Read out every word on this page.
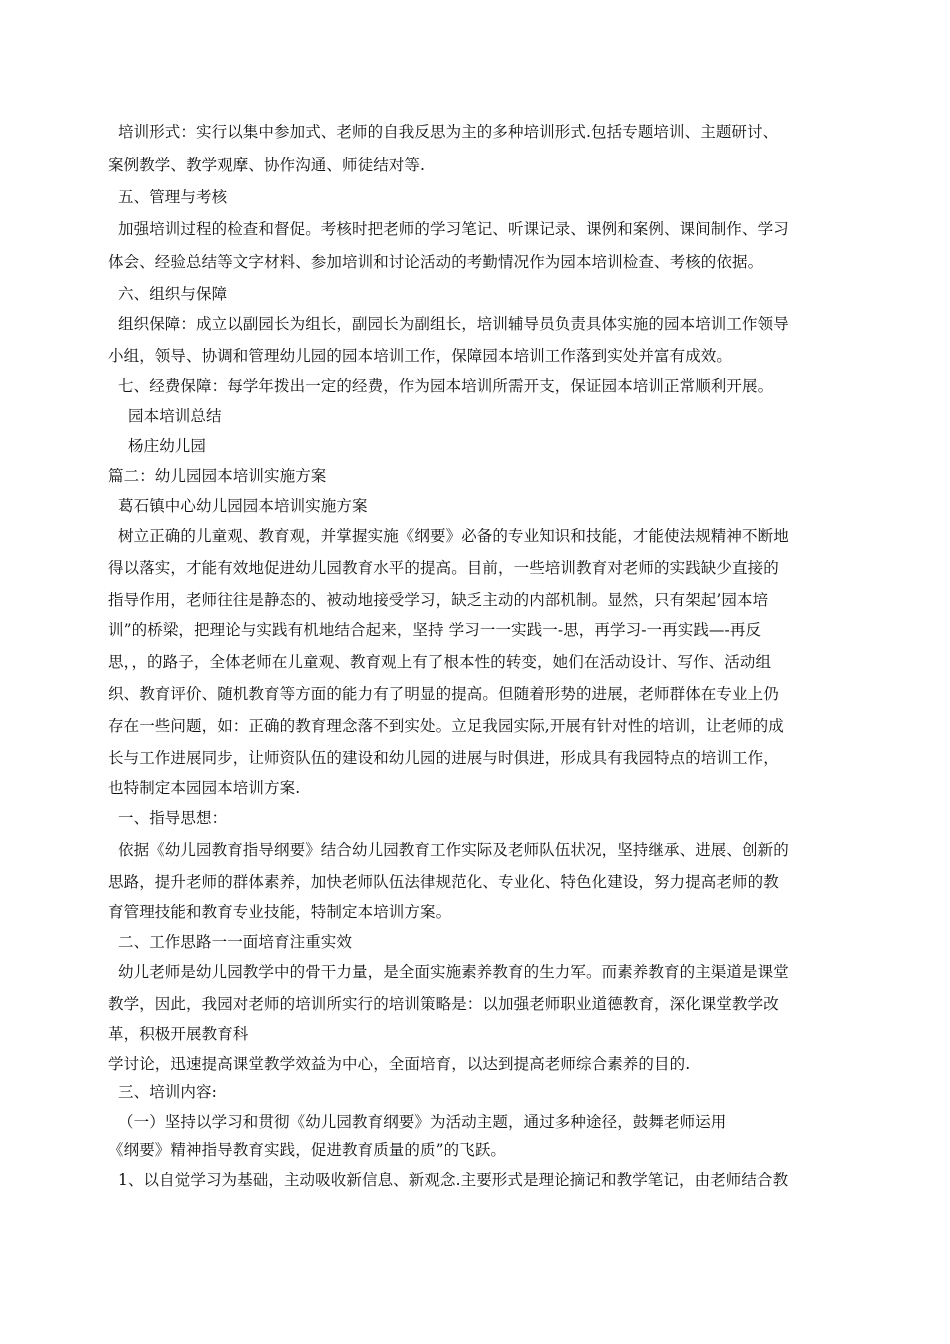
培训形式：实行以集中参加式、老师的自我反思为主的多种培训形式.包括专题培训、主题研讨、
案例教学、教学观摩、协作沟通、师徒结对等.
五、管理与考核
加强培训过程的检查和督促。考核时把老师的学习笔记、听课记录、课例和案例、课间制作、学习
体会、经验总结等文字材料、参加培训和讨论活动的考勤情况作为园本培训检查、考核的依据。
六、组织与保障
组织保障：成立以副园长为组长，副园长为副组长，培训辅导员负责具体实施的园本培训工作领导
小组，领导、协调和管理幼儿园的园本培训工作，保障园本培训工作落到实处并富有成效。
七、经费保障：每学年拨出一定的经费，作为园本培训所需开支，保证园本培训正常顺利开展。
园本培训总结
杨庄幼儿园
篇二：幼儿园园本培训实施方案
葛石镇中心幼儿园园本培训实施方案
树立正确的儿童观、教育观，并掌握实施《纲要》必备的专业知识和技能，才能使法规精神不断地
得以落实，才能有效地促进幼儿园教育水平的提高。目前，一些培训教育对老师的实践缺少直接的
指导作用，老师往往是静态的、被动地接受学习，缺乏主动的内部机制。显然，只有架起’园本培
训”的桥梁，把理论与实践有机地结合起来，坚持 学习一一实践一-思，再学习-一再实践—-再反
思，，的路子，全体老师在儿童观、教育观上有了根本性的转变，她们在活动设计、写作、活动组
织、教育评价、随机教育等方面的能力有了明显的提高。但随着形势的进展，老师群体在专业上仍
存在一些问题，如：正确的教育理念落不到实处。立足我园实际,开展有针对性的培训，让老师的成
长与工作进展同步，让师资队伍的建设和幼儿园的进展与时俱进，形成具有我园特点的培训工作，
也特制定本园园本培训方案.
一、指导思想：
依据《幼儿园教育指导纲要》结合幼儿园教育工作实际及老师队伍状况，坚持继承、进展、创新的
思路，提升老师的群体素养，加快老师队伍法律规范化、专业化、特色化建设，努力提高老师的教
育管理技能和教育专业技能，特制定本培训方案。
二、工作思路一一面培育注重实效
幼儿老师是幼儿园教学中的骨干力量，是全面实施素养教育的生力军。而素养教育的主渠道是课堂
教学，因此，我园对老师的培训所实行的培训策略是：以加强老师职业道德教育，深化课堂教学改
革，积极开展教育科
学讨论，迅速提高课堂教学效益为中心，全面培育，以达到提高老师综合素养的目的.
三、培训内容:
（一）坚持以学习和贯彻《幼儿园教育纲要》为活动主题，通过多种途径，鼓舞老师运用
《纲要》精神指导教育实践，促进教育质量的质”的飞跃。
1、以自觉学习为基础，主动吸收新信息、新观念.主要形式是理论摘记和教学笔记，由老师结合教
